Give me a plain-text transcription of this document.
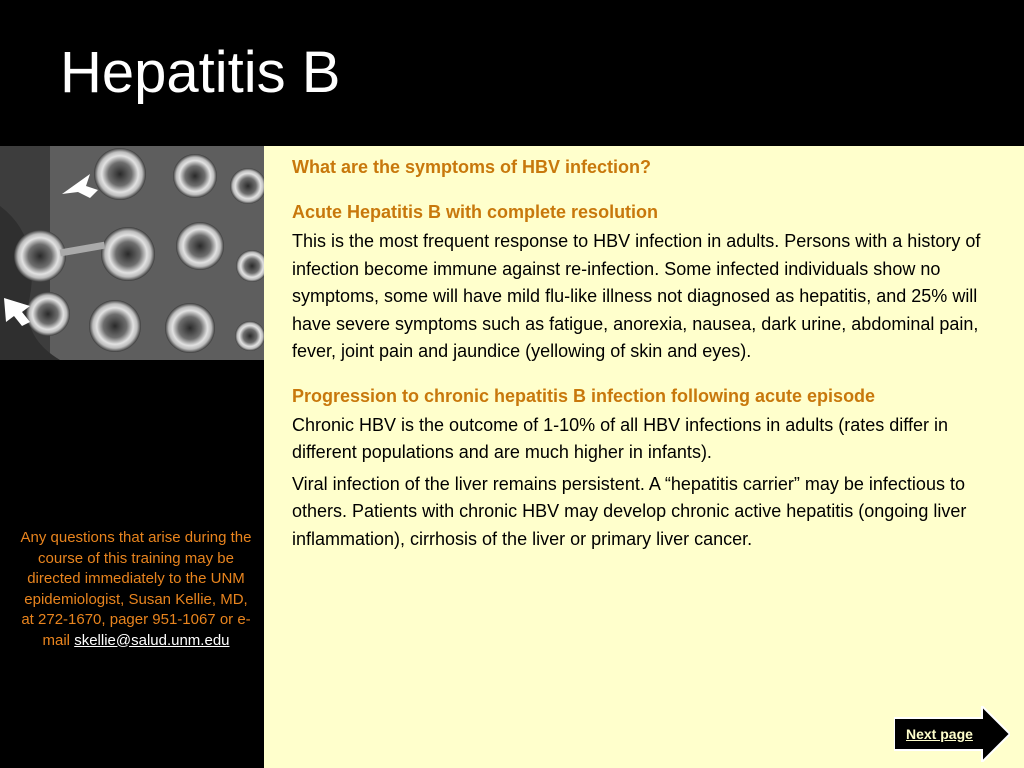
Hepatitis B
Any questions that arise during the course of this training may be directed immediately to the UNM epidemiologist, Susan Kellie, MD, at 272-1670, pager 951-1067 or e-mail skellie@salud.unm.edu

What are the symptoms of HBV infection?

Acute Hepatitis B with complete resolution

This is the most frequent response to HBV infection in adults. Persons with a history of infection become immune against re-infection. Some infected individuals show no symptoms, some will have mild flu-like illness not diagnosed as hepatitis, and 25% will have severe symptoms such as fatigue, anorexia, nausea, dark urine, abdominal pain, fever, joint pain and jaundice (yellowing of skin and eyes).

Progression to chronic hepatitis B infection following acute episode

Chronic HBV is the outcome of 1-10% of all HBV infections in adults (rates differ in different populations and are much higher in infants).

Viral infection of the liver remains persistent. A “hepatitis carrier” may be infectious to others. Patients with chronic HBV may develop chronic active hepatitis (ongoing liver inflammation), cirrhosis of the liver or primary liver cancer.

Next page
